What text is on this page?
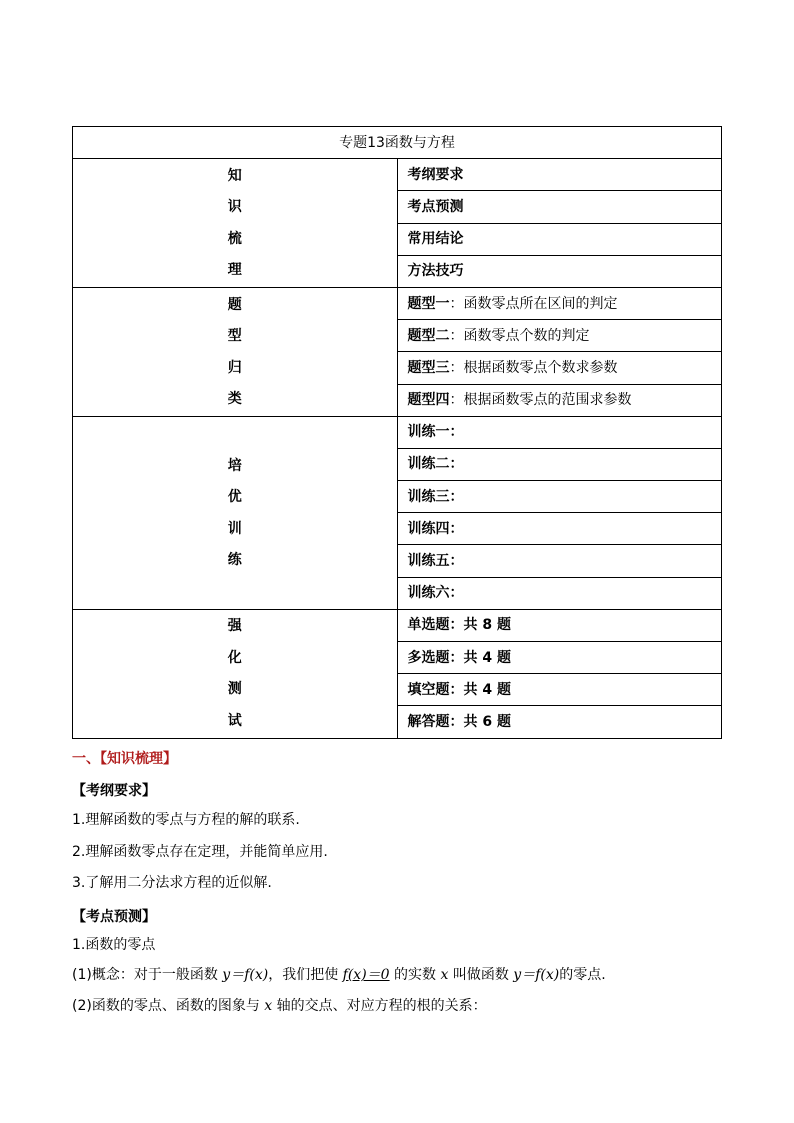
专题13函数与方程	

知
识
梳
理	考纲要求
	考点预测
	常用结论
	方法技巧

题
型
归
类	题型一：函数零点所在区间的判定
	题型二：函数零点个数的判定
	题型三：根据函数零点个数求参数
	题型四：根据函数零点的范围求参数

培
优
训
练	训练一：
	训练二：
	训练三：
	训练四：
	训练五：
	训练六：

强
化
测
试	单选题：共 8 题
	多选题：共 4 题
	填空题：共 4 题
	解答题：共 6 题
一、【知识梳理】
【考纲要求】
1.理解函数的零点与方程的解的联系.
2.理解函数零点存在定理，并能简单应用.
3.了解用二分法求方程的近似解.
【考点预测】
1.函数的零点
(1)概念：对于一般函数 y＝f(x)，我们把使 f(x)＝0 的实数 x 叫做函数 y＝f(x)的零点.
(2)函数的零点、函数的图象与 x 轴的交点、对应方程的根的关系：
